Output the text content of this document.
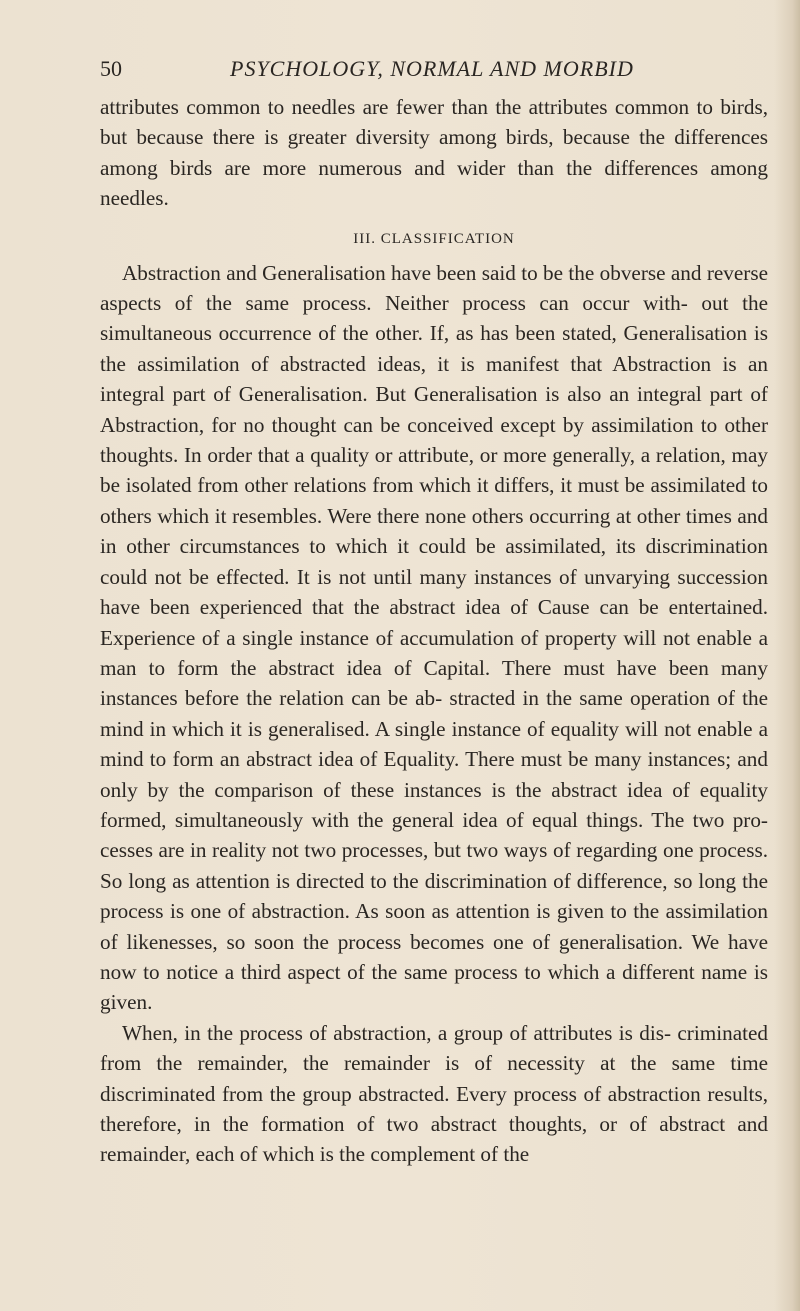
50	PSYCHOLOGY, NORMAL AND MORBID

attributes common to needles are fewer than the attributes common to birds, but because there is greater diversity among birds, because the differences among birds are more numerous and wider than the differences among needles.

III. CLASSIFICATION

Abstraction and Generalisation have been said to be the obverse and reverse aspects of the same process. Neither process can occur with- out the simultaneous occurrence of the other. If, as has been stated, Generalisation is the assimilation of abstracted ideas, it is manifest that Abstraction is an integral part of Generalisation. But Generalisation is also an integral part of Abstraction, for no thought can be conceived except by assimilation to other thoughts. In order that a quality or attribute, or more generally, a relation, may be isolated from other relations from which it differs, it must be assimilated to others which it resembles. Were there none others occurring at other times and in other circumstances to which it could be assimilated, its discrimination could not be effected. It is not until many instances of unvarying succession have been experienced that the abstract idea of Cause can be entertained. Experience of a single instance of accumulation of property will not enable a man to form the abstract idea of Capital. There must have been many instances before the relation can be ab- stracted in the same operation of the mind in which it is generalised. A single instance of equality will not enable a mind to form an abstract idea of Equality. There must be many instances; and only by the comparison of these instances is the abstract idea of equality formed, simultaneously with the general idea of equal things. The two pro- cesses are in reality not two processes, but two ways of regarding one process. So long as attention is directed to the discrimination of difference, so long the process is one of abstraction. As soon as attention is given to the assimilation of likenesses, so soon the process becomes one of generalisation. We have now to notice a third aspect of the same process to which a different name is given.

When, in the process of abstraction, a group of attributes is dis- criminated from the remainder, the remainder is of necessity at the same time discriminated from the group abstracted. Every process of abstraction results, therefore, in the formation of two abstract thoughts, or of abstract and remainder, each of which is the complement of the
